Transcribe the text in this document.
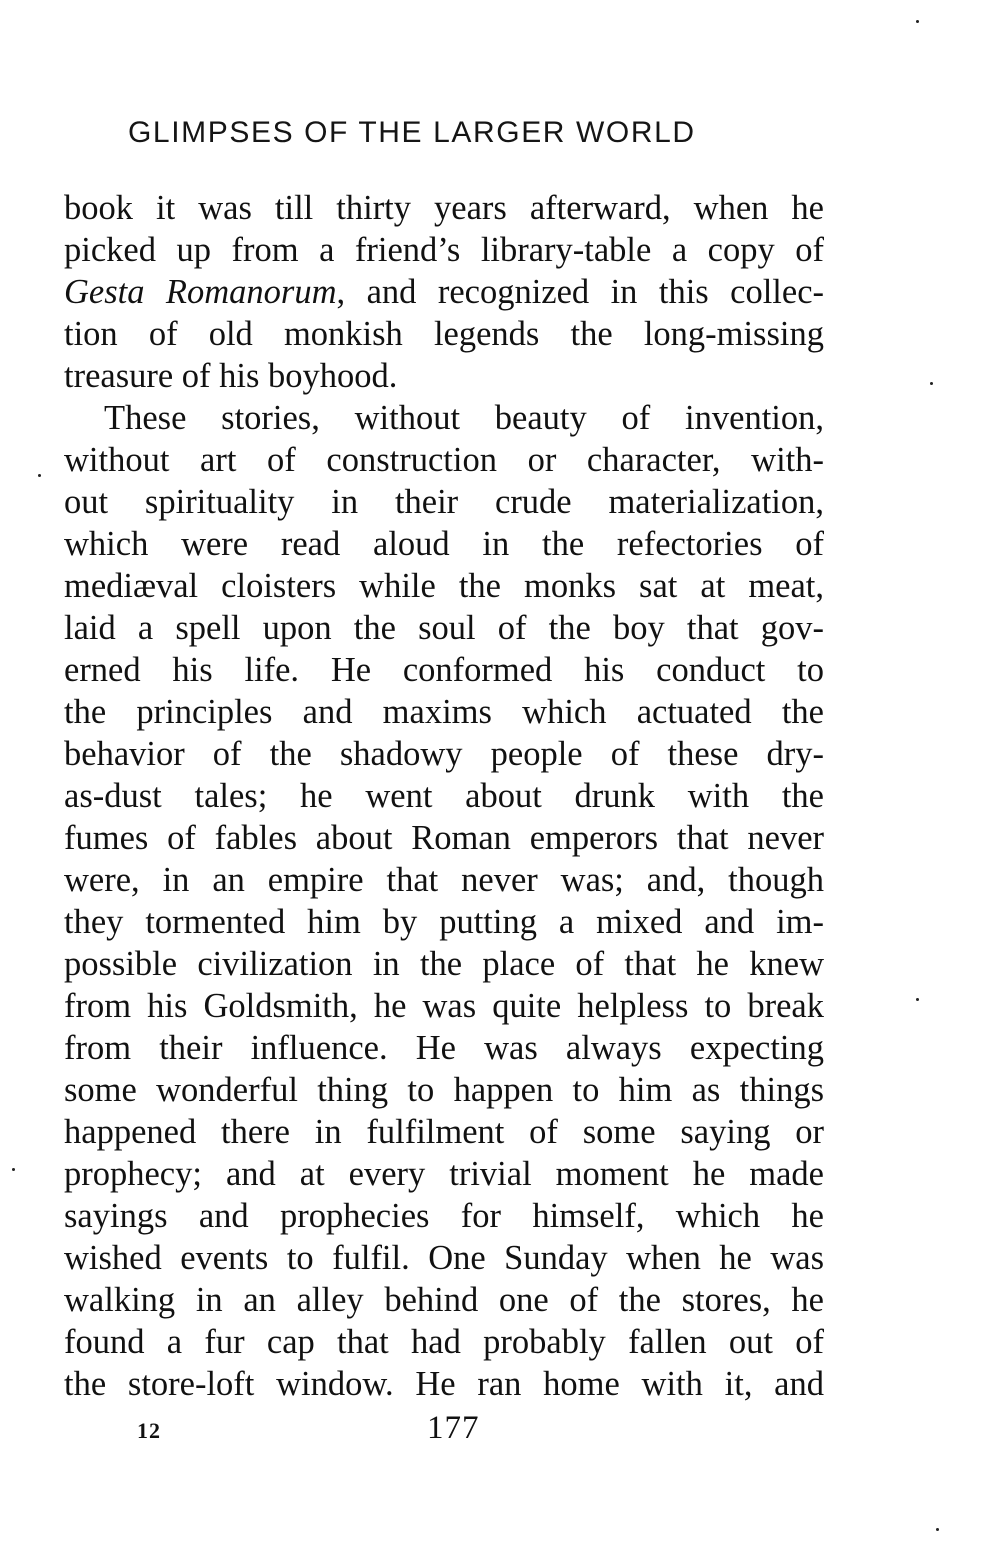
GLIMPSES OF THE LARGER WORLD
book it was till thirty years afterward, when he
picked up from a friend’s library-table a copy of
Gesta Romanorum, and recognized in this collec-
tion of old monkish legends the long-missing
treasure of his boyhood.
These stories, without beauty of invention,
without art of construction or character, with-
out spirituality in their crude materialization,
which were read aloud in the refectories of
mediæval cloisters while the monks sat at meat,
laid a spell upon the soul of the boy that gov-
erned his life. He conformed his conduct to
the principles and maxims which actuated the
behavior of the shadowy people of these dry-
as-dust tales; he went about drunk with the
fumes of fables about Roman emperors that never
were, in an empire that never was; and, though
they tormented him by putting a mixed and im-
possible civilization in the place of that he knew
from his Goldsmith, he was quite helpless to break
from their influence. He was always expecting
some wonderful thing to happen to him as things
happened there in fulfilment of some saying or
prophecy; and at every trivial moment he made
sayings and prophecies for himself, which he
wished events to fulfil. One Sunday when he was
walking in an alley behind one of the stores, he
found a fur cap that had probably fallen out of
the store-loft window. He ran home with it, and
12	177
